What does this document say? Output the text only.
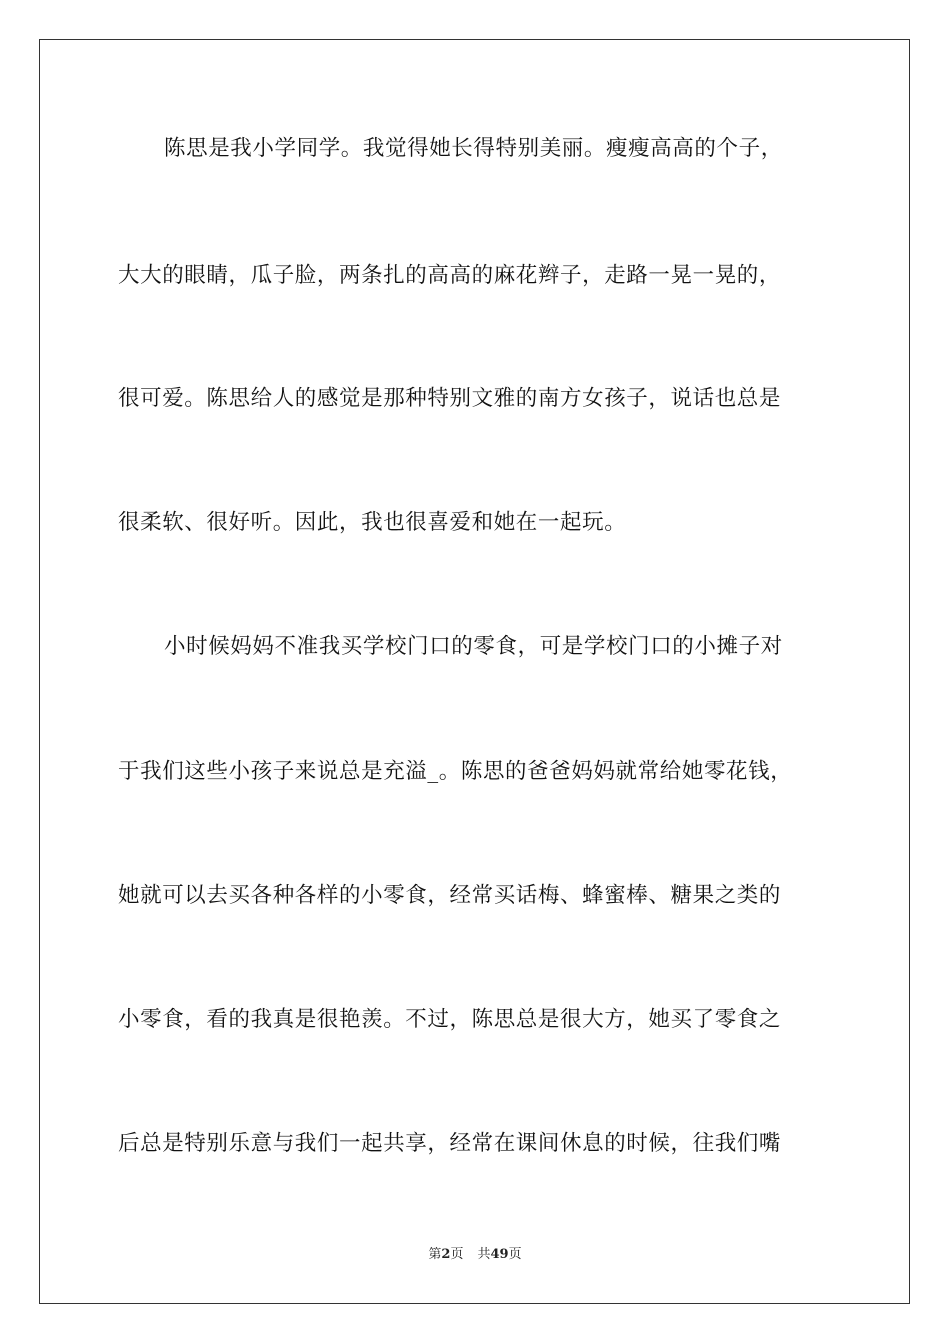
陈思是我小学同学。我觉得她长得特别美丽。瘦瘦高高的个子，
大大的眼睛，瓜子脸，两条扎的高高的麻花辫子，走路一晃一晃的，
很可爱。陈思给人的感觉是那种特别文雅的南方女孩子，说话也总是
很柔软、很好听。因此，我也很喜爱和她在一起玩。
小时候妈妈不准我买学校门口的零食，可是学校门口的小摊子对
于我们这些小孩子来说总是充溢_。陈思的爸爸妈妈就常给她零花钱，
她就可以去买各种各样的小零食，经常买话梅、蜂蜜棒、糖果之类的
小零食，看的我真是很艳羡。不过，陈思总是很大方，她买了零食之
后总是特别乐意与我们一起共享，经常在课间休息的时候，往我们嘴
第2页 共49页
